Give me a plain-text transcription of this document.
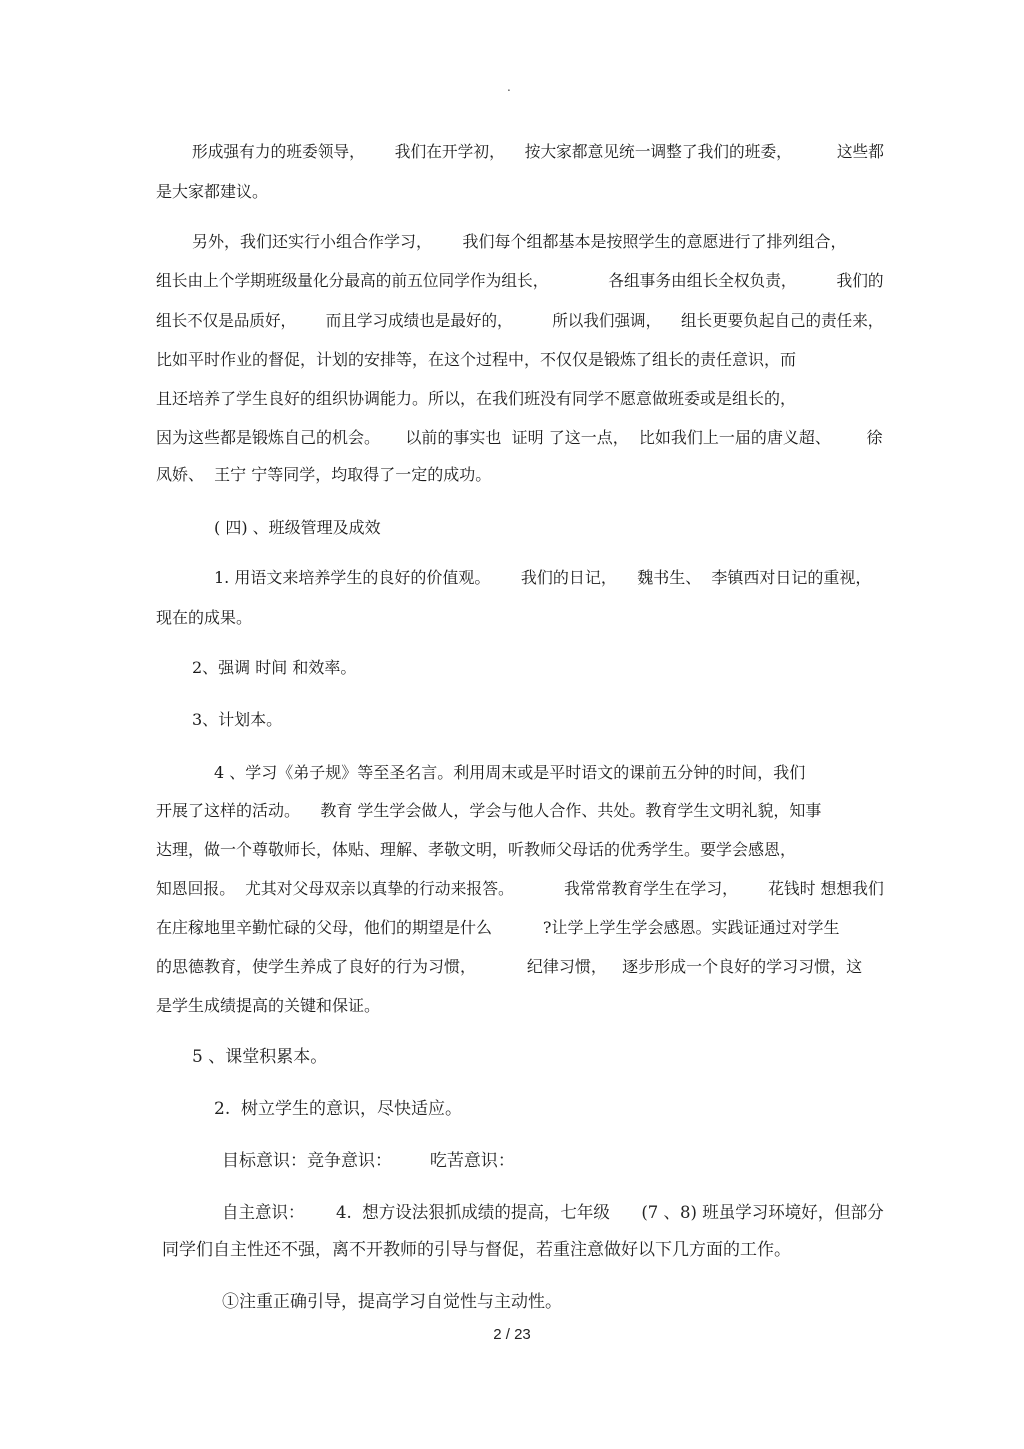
.
形成强有力的班委领导，      我们在开学初，    按大家都意见统一调整了我们的班委，         这些都
是大家都建议。
另外，我们还实行小组合作学习，      我们每个组都基本是按照学生的意愿进行了排列组合，
组长由上个学期班级量化分最高的前五位同学作为组长，            各组事务由组长全权负责，        我们的
组长不仅是品质好，      而且学习成绩也是最好的，        所以我们强调，    组长更要负起自己的责任来，
比如平时作业的督促，计划的安排等，在这个过程中，不仅仅是锻炼了组长的责任意识，而
且还培养了学生良好的组织协调能力。所以，在我们班没有同学不愿意做班委或是组长的，
因为这些都是锻炼自己的机会。     以前的事实也  证明 了这一点，  比如我们上一届的唐义超、       徐
凤娇、  王宁 宁等同学，均取得了一定的成功。
( 四) 、班级管理及成效
1. 用语文来培养学生的良好的价值观。      我们的日记，    魏书生、  李镇西对日记的重视，
现在的成果。
2、强调 时间 和效率。
3、计划本。
4 、学习《弟子规》等至圣名言。利用周末或是平时语文的课前五分钟的时间，我们
开展了这样的活动。    教育 学生学会做人，学会与他人合作、共处。教育学生文明礼貌，知事
达理，做一个尊敬师长，体贴、理解、孝敬文明，听教师父母话的优秀学生。要学会感恩，
知恩回报。  尤其对父母双亲以真挚的行动来报答。          我常常教育学生在学习，      花钱时 想想我们
在庄稼地里辛勤忙碌的父母，他们的期望是什么          ?让学上学生学会感恩。实践证通过对学生
的思德教育，使学生养成了良好的行为习惯，          纪律习惯，   逐步形成一个良好的学习习惯，这
是学生成绩提高的关键和保证。
5 、课堂积累本。
2.  树立学生的意识，尽快适应。
目标意识：竞争意识：       吃苦意识：
自主意识：      4.  想方设法狠抓成绩的提高，七年级      (7 、8) 班虽学习环境好，但部分
同学们自主性还不强，离不开教师的引导与督促，若重注意做好以下几方面的工作。
①注重正确引导，提高学习自觉性与主动性。
2 / 23
